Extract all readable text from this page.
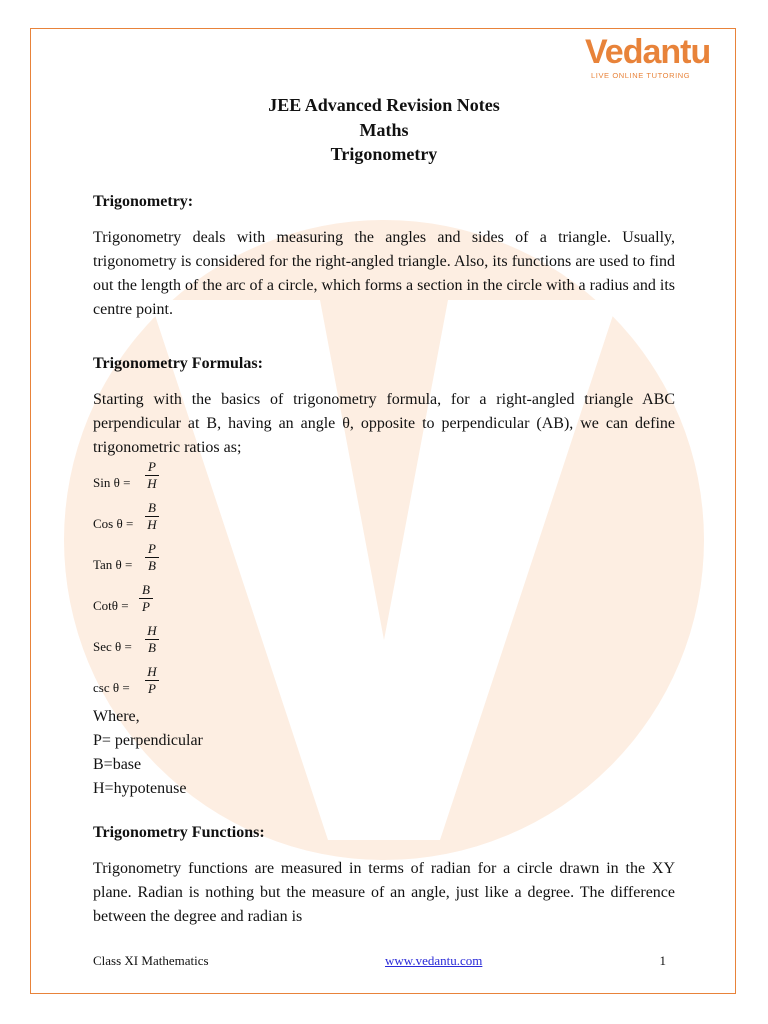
Vedantu
LIVE ONLINE TUTORING
JEE Advanced Revision Notes
Maths
Trigonometry

Trigonometry:

Trigonometry deals with measuring the angles and sides of a triangle. Usually, trigonometry is considered for the right-angled triangle. Also, its functions are used to find out the length of the arc of a circle, which forms a section in the circle with a radius and its centre point.

Trigonometry Formulas:

Starting with the basics of trigonometry formula, for a right-angled triangle ABC perpendicular at B, having an angle θ, opposite to perpendicular (AB), we can define trigonometric ratios as;

Sin θ =
P
H
Cos θ =
B
H
Tan θ =
P
B
Cotθ =
B
P
Sec θ =
H
B
csc θ =
H
P

Where,

P= perpendicular

B=base

H=hypotenuse

Trigonometry Functions:

Trigonometry functions are measured in terms of radian for a circle drawn in the XY plane. Radian is nothing but the measure of an angle, just like a degree. The difference between the degree and radian is

Class XI Mathematics	www.vedantu.com	1
